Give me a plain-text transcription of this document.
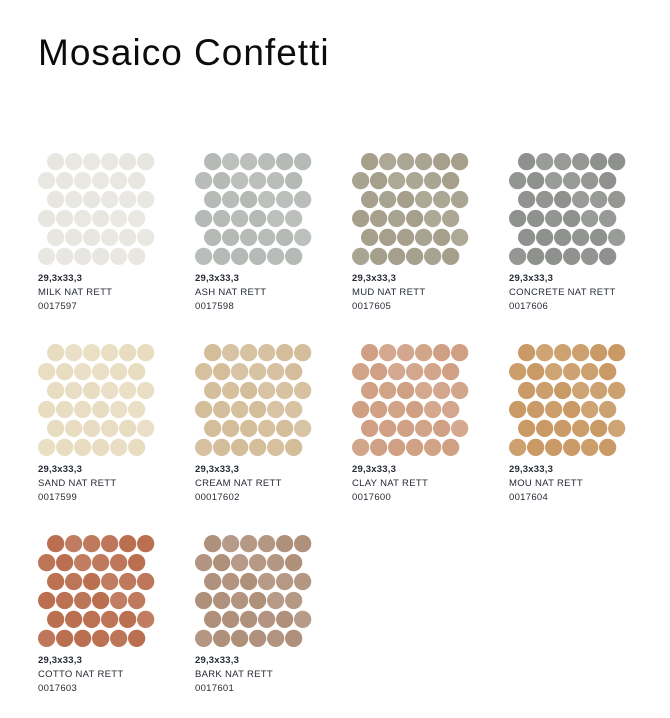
Mosaico Confetti
29,3x33,3
MILK NAT RETT
0017597
29,3x33,3
ASH NAT RETT
0017598
29,3x33,3
MUD NAT RETT
0017605
29,3x33,3
CONCRETE NAT RETT
0017606
29,3x33,3
SAND NAT RETT
0017599
29,3x33,3
CREAM NAT RETT
00017602
29,3x33,3
CLAY NAT RETT
0017600
29,3x33,3
MOU NAT RETT
0017604
29,3x33,3
COTTO NAT RETT
0017603
29,3x33,3
BARK NAT RETT
0017601
